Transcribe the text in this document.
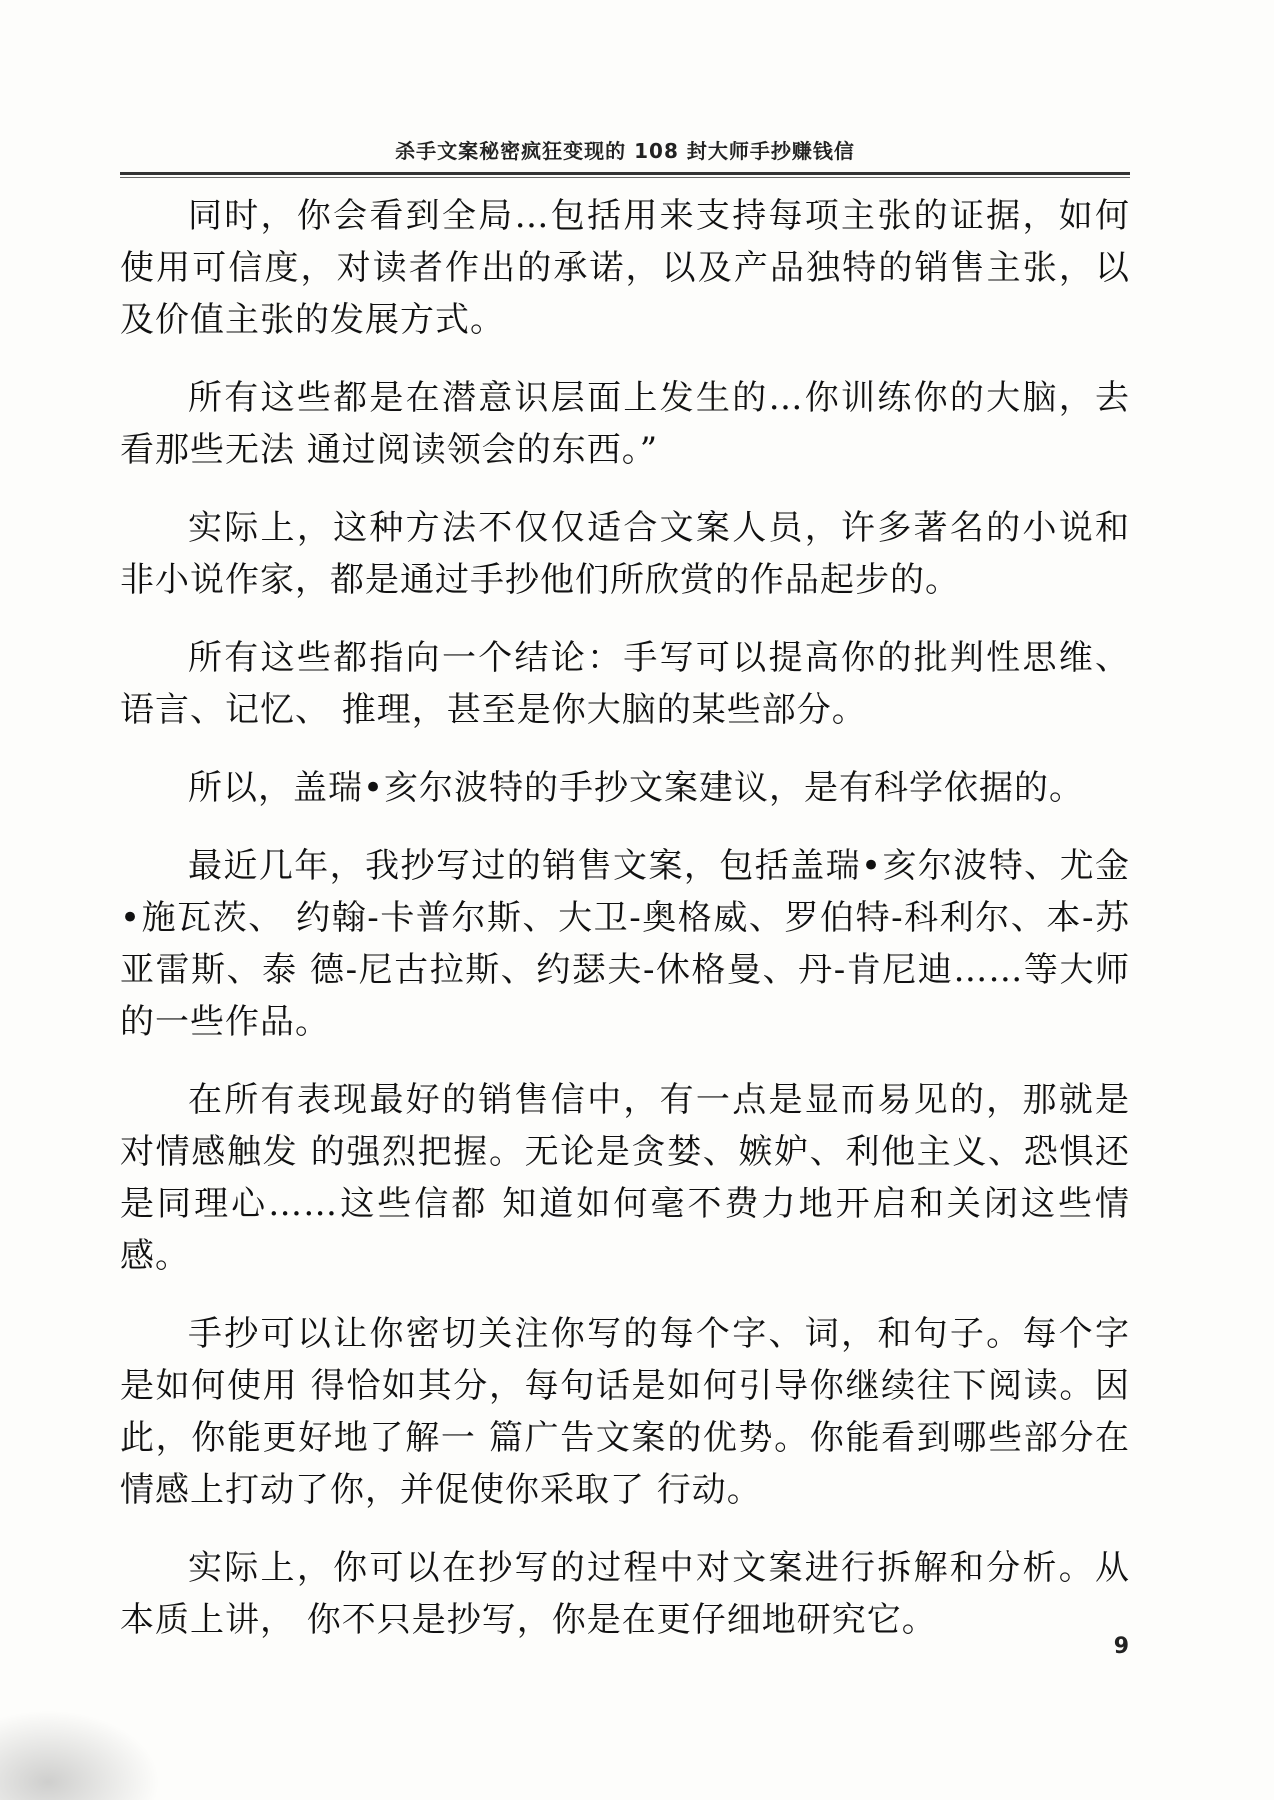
杀手文案秘密疯狂变现的 108 封大师手抄赚钱信

同时，你会看到全局…包括用来支持每项主张的证据，如何使用可信度，对读者作出的承诺，以及产品独特的销售主张，以及价值主张的发展方式。

所有这些都是在潜意识层面上发生的…你训练你的大脑，去看那些无法 通过阅读领会的东西。”

实际上，这种方法不仅仅适合文案人员，许多著名的小说和非小说作家，都是通过手抄他们所欣赏的作品起步的。

所有这些都指向一个结论：手写可以提高你的批判性思维、语言、记忆、 推理，甚至是你大脑的某些部分。

所以，盖瑞•亥尔波特的手抄文案建议，是有科学依据的。

最近几年，我抄写过的销售文案，包括盖瑞•亥尔波特、尤金•施瓦茨、 约翰-卡普尔斯、大卫-奥格威、罗伯特-科利尔、本-苏亚雷斯、泰 德-尼古拉斯、约瑟夫-休格曼、丹-肯尼迪……等大师的一些作品。

在所有表现最好的销售信中，有一点是显而易见的，那就是对情感触发 的强烈把握。无论是贪婪、嫉妒、利他主义、恐惧还是同理心……这些信都 知道如何毫不费力地开启和关闭这些情感。

手抄可以让你密切关注你写的每个字、词，和句子。每个字是如何使用 得恰如其分，每句话是如何引导你继续往下阅读。因此，你能更好地了解一 篇广告文案的优势。你能看到哪些部分在情感上打动了你，并促使你采取了 行动。

实际上，你可以在抄写的过程中对文案进行拆解和分析。从本质上讲， 你不只是抄写，你是在更仔细地研究它。

9
